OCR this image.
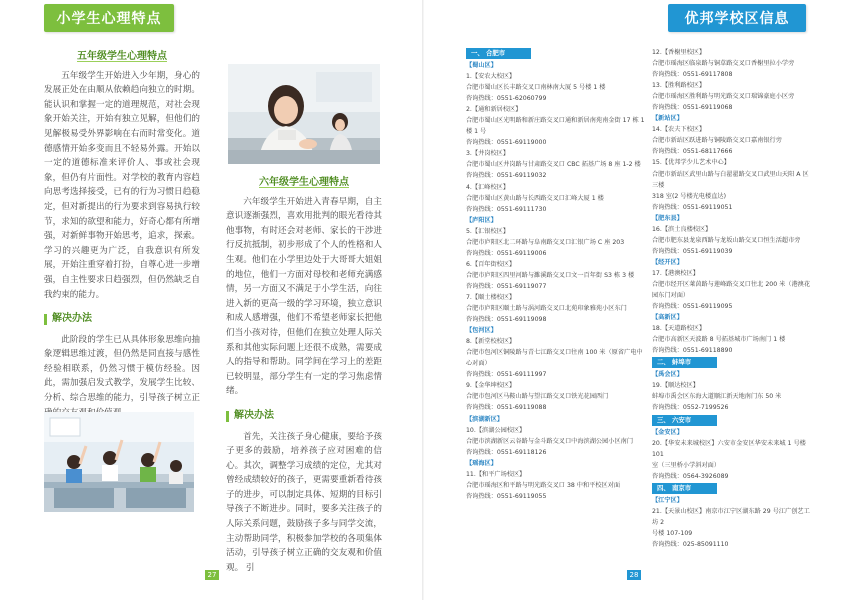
小学生心理特点
五年级学生心理特点
五年级学生开始进入少年期，身心的发展正处在由顺从依赖趋向独立的时期。能认识和掌握一定的道理规范，对社会现象开始关注，开始有独立见解，但他们的见解极易受外界影响在右而时常变化。道德感情开始多变而且不轻易外露。开始以一定的道德标准来评价人、事或社会现象，但仍有片面性。对学校的教育内容趋向思考选择接受，已有的行为习惯日趋稳定，但对新提出的行为要求到容易执行较节，求知的欲望和能力，好奇心都有所增强，对新鲜事物开始思考，追求，探索。学习的兴趣更为广泛，自我意识有所发展，开始注重穿着打扮，自尊心进一步增强，自主性要求日趋强烈，但仍然缺乏自我约束的能力。
解决办法
此阶段的学生已从具体形象思维向抽象逻辑思维过渡，但仍然是同直接与感性经验相联系，仍然习惯于模仿经验。因此，需加强启发式教学，发展学生比较、分析、综合思维的能力，引导孩子树立正
六年级学生心理特点
六年级学生开始进入青春早期，自主意识逐渐强烈，喜欢用批判的眼光看待其他事物，有时还会对老师、家长的干涉进行反抗抵制，初步形成了个人的性格和人生观。他们在小学里边处于大哥哥大姐姐的地位，他们一方面对母校和老师充满感情，另一方面又不满足于小学生活，向往进入新的更高一级的学习环境，独立意识和成人感增强，他们不希望老师家长把他们当小孩对待，但他们在独立处理人际关系和其他实际问题上还很不成熟，需要成人的指导和帮助。同学间在学习上的差距已较明显，部分学生有一定的学习焦虑情绪。
解决办法
首先，关注孩子身心健康，要给予孩子更多的鼓励，培养孩子应对困难的信心。其次，调整学习成绩的定位，尤其对曾经成绩较好的孩子，更需要重新看待孩子的进步，可以制定具体、短期的目标引导孩子不断进步。同时，要多关注孩子的人际关系问题，鼓励孩子多与同学交流，主动帮助同学，积极参加学校的各项集体活动，引导孩子树立正确的交友观和价值观。 引
27
优邦学校区信息
一、 合肥市
【蜀山区】
1.【安农大校区】
合肥市蜀山区长丰路交叉口南林南大厦 5 号楼 1 楼
咨询热线：0551-62060799
2.【通和新居校区】
合肥市蜀山区光明路和新庄路交叉口通和新居南苑南金街 17 栋 1 楼 1 号
咨询热线：0551-69119000
3.【井岗校区】
合肥市蜀山区井岗路与甘肃路交叉口 CBC 拓基广场 8 座 1-2 楼
咨询热线：0551-69119032
4.【汇峰校区】
合肥市蜀山区黄山路与长西路交叉口汇峰大厦 1 楼
咨询热线：0551-69111730
【庐阳区】
5.【汇银校区】
合肥市庐阳区北二环路与阜南路交叉口汇银广场 C 座 203
咨询热线：0551-69119006
6.【百年街校区】
合肥市庐阳区四里河路与濉溪路交叉口文一百年街 S3 栋 3 楼
咨询热线：0551-69119077
7.【颐土楼校区】
合肥市庐阳区颐土路与涡河路交叉口北苑印象雅苑小区东门
咨询热线：0551-69119098
【包河区】
8.【新堂校校区】
合肥市包河区铜陵路与青七江路交叉口往南 100 米（原省广电中心对面）
咨询热线：0551-69111997
9.【金华坤校区】
合肥市包河区马鞍山路与望江路交叉口铁光花园西门
咨询热线：0551-69119088
【滨湖新区】
10.【滨湖公园校区】
合肥市滨湖新区云谷路与金斗路交叉口中海滨湖公园小区南门
咨询热线：0551-69118126
【瑶海区】
11.【和平广场校区】
合肥市瑶海区和平路与明光路交叉口 38 中和平校区对面
咨询热线：0551-69119055
12.【香榭里校区】
合肥市瑶海区临泉路与铜草路交叉口香榭里拉小学旁
咨询热线：0551-69117808
13.【胜利路校区】
合肥市瑶海区胜利路与明光路交叉口瑞锦豪庭小区旁
咨询热线：0551-69119068
【新站区】
14.【农夫下校区】
合肥市新站区跃进路与铜陵路交叉口嘉南银行旁
咨询热线：0551-68117666
15.【优邦学少儿艺术中心】
合肥市新站区武里山路与白翟翟路交叉口武里山天阳 A 区三楼
318 室(2 号楼光电楼直达)
咨询热线：0551-69119051
【肥东县】
16.【滨土良楼校区】
合肥市肥东县龙泉西路与龙坂山路交叉口恒生活超市旁
咨询热线：0551-69119039
【经开区】
17.【港澳校区】
合肥市经开区莱茵路与莲峰路交叉口往北 200 米（港澳花园东门对面）
咨询热线：0551-69119095
【高新区】
18.【天道路校区】
合肥市高新区天波路 8 号拓基城市广场南门 1 楼
咨询热线：0551-69118890
二、 蚌埠市
【禹会区】
19.【顺达校区】
蚌埠市禹会区东海大道顺江新天地南门东 50 米
咨询热线：0552-7199526
三、 六安市
【金安区】
20.【华安未来城校区】六安市金安区华安未来城 1 号楼 101
室（三里桥小学斜对面）
咨询热线：0564-3926089
四、 南京市
【江宁区】
21.【天景山校区】南京市江宁区湖东路 29 号江广创艺工坊 2
号楼 107-109
咨询热线：025-85091110
28
